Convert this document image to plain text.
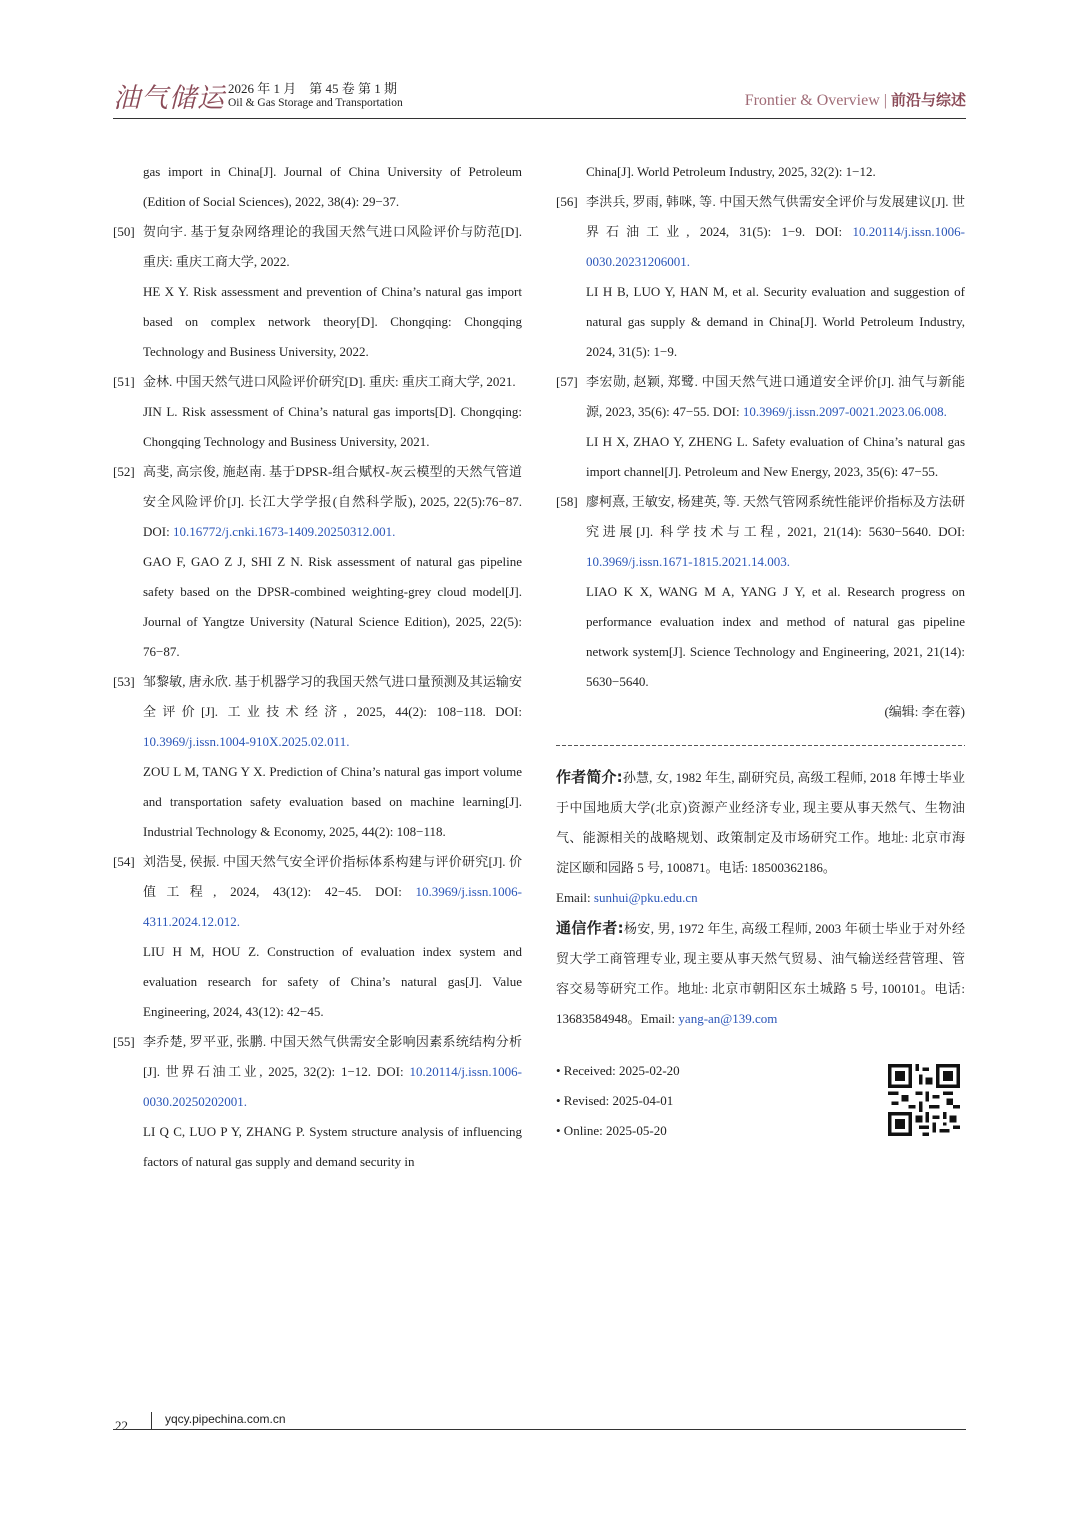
油气储运 2026 年 1 月　第 45 卷 第 1 期
Oil & Gas Storage and Transportation	Frontier & Overview | 前沿与综述
gas import in China[J]. Journal of China University of Petroleum (Edition of Social Sciences), 2022, 38(4): 29−37.
[50] 贺向宇. 基于复杂网络理论的我国天然气进口风险评价与防范[D]. 重庆: 重庆工商大学, 2022.
HE X Y. Risk assessment and prevention of China’s natural gas import based on complex network theory[D]. Chongqing: Chongqing Technology and Business University, 2022.
[51] 金林. 中国天然气进口风险评价研究[D]. 重庆: 重庆工商大学, 2021.
JIN L. Risk assessment of China’s natural gas imports[D]. Chongqing: Chongqing Technology and Business University, 2021.
[52] 高斐, 高宗俊, 施赵南. 基于DPSR-组合赋权-灰云模型的天然气管道安全风险评价[J]. 长江大学学报(自然科学版), 2025, 22(5):76−87. DOI: 10.16772/j.cnki.1673-1409.20250312.001.
GAO F, GAO Z J, SHI Z N. Risk assessment of natural gas pipeline safety based on the DPSR-combined weighting-grey cloud model[J]. Journal of Yangtze University (Natural Science Edition), 2025, 22(5): 76−87.
[53] 邹黎敏, 唐永欣. 基于机器学习的我国天然气进口量预测及其运输安全评价[J]. 工业技术经济, 2025, 44(2): 108−118. DOI: 10.3969/j.issn.1004-910X.2025.02.011.
ZOU L M, TANG Y X. Prediction of China’s natural gas import volume and transportation safety evaluation based on machine learning[J]. Industrial Technology & Economy, 2025, 44(2): 108−118.
[54] 刘浩旻, 侯振. 中国天然气安全评价指标体系构建与评价研究[J]. 价值工程, 2024, 43(12): 42−45. DOI: 10.3969/j.issn.1006-4311.2024.12.012.
LIU H M, HOU Z. Construction of evaluation index system and evaluation research for safety of China’s natural gas[J]. Value Engineering, 2024, 43(12): 42−45.
[55] 李乔楚, 罗平亚, 张鹏. 中国天然气供需安全影响因素系统结构分析[J]. 世界石油工业, 2025, 32(2): 1−12. DOI: 10.20114/j.issn.1006-0030.20250202001.
LI Q C, LUO P Y, ZHANG P. System structure analysis of influencing factors of natural gas supply and demand security in
China[J]. World Petroleum Industry, 2025, 32(2): 1−12.
[56] 李洪兵, 罗雨, 韩咪, 等. 中国天然气供需安全评价与发展建议[J]. 世界石油工业, 2024, 31(5): 1−9. DOI: 10.20114/j.issn.1006-0030.20231206001.
LI H B, LUO Y, HAN M, et al. Security evaluation and suggestion of natural gas supply & demand in China[J]. World Petroleum Industry, 2024, 31(5): 1−9.
[57] 李宏勋, 赵颖, 郑鹭. 中国天然气进口通道安全评价[J]. 油气与新能源, 2023, 35(6): 47−55. DOI: 10.3969/j.issn.2097-0021.2023.06.008.
LI H X, ZHAO Y, ZHENG L. Safety evaluation of China’s natural gas import channel[J]. Petroleum and New Energy, 2023, 35(6): 47−55.
[58] 廖柯熹, 王敏安, 杨建英, 等. 天然气管网系统性能评价指标及方法研究进展[J]. 科学技术与工程, 2021, 21(14): 5630−5640. DOI: 10.3969/j.issn.1671-1815.2021.14.003.
LIAO K X, WANG M A, YANG J Y, et al. Research progress on performance evaluation index and method of natural gas pipeline network system[J]. Science Technology and Engineering, 2021, 21(14): 5630−5640.
(编辑: 李在蓉)
作者简介:孙慧, 女, 1982 年生, 副研究员, 高级工程师, 2018 年博士毕业于中国地质大学(北京)资源产业经济专业, 现主要从事天然气、生物油气、能源相关的战略规划、政策制定及市场研究工作。地址: 北京市海淀区颐和园路 5 号, 100871。电话: 18500362186。
Email: sunhui@pku.edu.cn
通信作者:杨安, 男, 1972 年生, 高级工程师, 2003 年硕士毕业于对外经贸大学工商管理专业, 现主要从事天然气贸易、油气输送经营管理、管容交易等研究工作。地址: 北京市朝阳区东土城路 5 号, 100101。电话: 13683584948。Email: yang-an@139.com
• Received: 2025-02-20
• Revised: 2025-04-01
• Online: 2025-05-20
22	yqcy.pipechina.com.cn
